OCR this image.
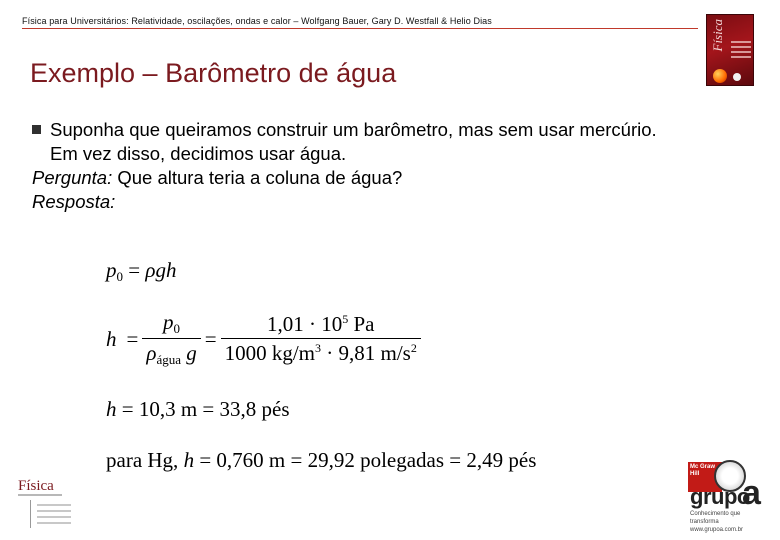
Física para Universitários: Relatividade, oscilações, ondas e calor – Wolfgang Bauer, Gary D. Westfall & Helio Dias	Física
Exemplo – Barômetro de água
Suponha que queiramos construir um barômetro, mas sem usar mercúrio.
Em vez disso, decidimos usar água.
Pergunta: Que altura teria a coluna de água?
Resposta:
$p_0 = \rho gh$
$h = \frac{p_0}{\rho_{água} g} = \frac{1,01 \cdot 10^5 Pa}{1000 kg/m^3 \cdot 9,81 m/s^2}$
h = 10,3 m = 33,8 pés
para Hg, h = 0,760 m = 29,92 polegadas = 2,49 pés
Física
Mc Graw Hill
grupo
a
Conhecimento que transforma www.grupoa.com.br
